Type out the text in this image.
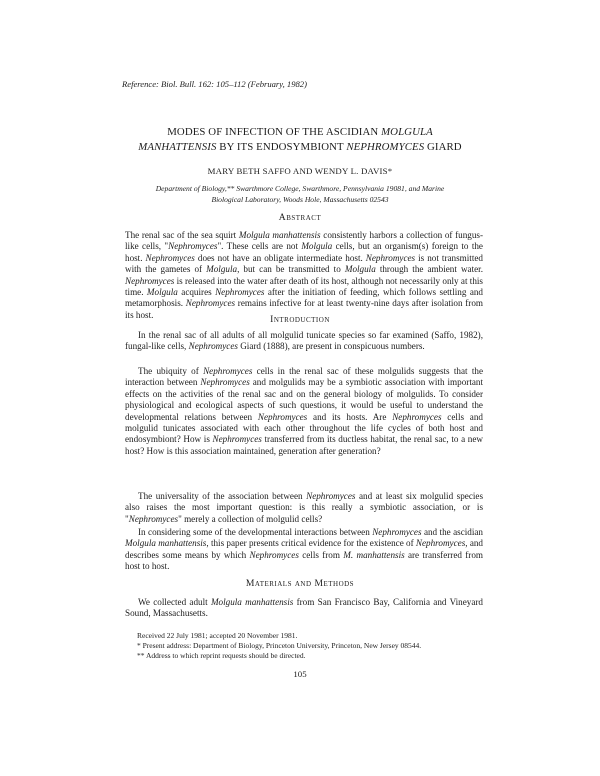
Reference: Biol. Bull. 162: 105–112 (February, 1982)
MODES OF INFECTION OF THE ASCIDIAN MOLGULA
MANHATTENSIS BY ITS ENDOSYMBIONT NEPHROMYCES GIARD
MARY BETH SAFFO AND WENDY L. DAVIS*
Department of Biology,** Swarthmore College, Swarthmore, Pennsylvania 19081, and Marine Biological Laboratory, Woods Hole, Massachusetts 02543
Abstract
The renal sac of the sea squirt Molgula manhattensis consistently harbors a collection of fungus-like cells, "Nephromyces". These cells are not Molgula cells, but an organism(s) foreign to the host. Nephromyces does not have an obligate intermediate host. Nephromyces is not transmitted with the gametes of Molgula, but can be transmitted to Molgula through the ambient water. Nephromyces is released into the water after death of its host, although not necessarily only at this time. Molgula acquires Nephromyces after the initiation of feeding, which follows settling and metamorphosis. Nephromyces remains infective for at least twenty-nine days after isolation from its host.	Introduction
In the renal sac of all adults of all molgulid tunicate species so far examined (Saffo, 1982), fungal-like cells, Nephromyces Giard (1888), are present in conspicuous numbers.
The ubiquity of Nephromyces cells in the renal sac of these molgulids suggests that the interaction between Nephromyces and molgulids may be a symbiotic association with important effects on the activities of the renal sac and on the general biology of molgulids. To consider physiological and ecological aspects of such questions, it would be useful to understand the developmental relations between Nephromyces and its hosts. Are Nephromyces cells and molgulid tunicates associated with each other throughout the life cycles of both host and endosymbiont? How is Nephromyces transferred from its ductless habitat, the renal sac, to a new host? How is this association maintained, generation after generation?
The universality of the association between Nephromyces and at least six molgulid species also raises the most important question: is this really a symbiotic association, or is "Nephromyces" merely a collection of molgulid cells?
In considering some of the developmental interactions between Nephromyces and the ascidian Molgula manhattensis, this paper presents critical evidence for the existence of Nephromyces, and describes some means by which Nephromyces cells from M. manhattensis are transferred from host to host.
Materials and Methods
We collected adult Molgula manhattensis from San Francisco Bay, California and Vineyard Sound, Massachusetts.
Received 22 July 1981; accepted 20 November 1981.
* Present address: Department of Biology, Princeton University, Princeton, New Jersey 08544.
** Address to which reprint requests should be directed.
105
